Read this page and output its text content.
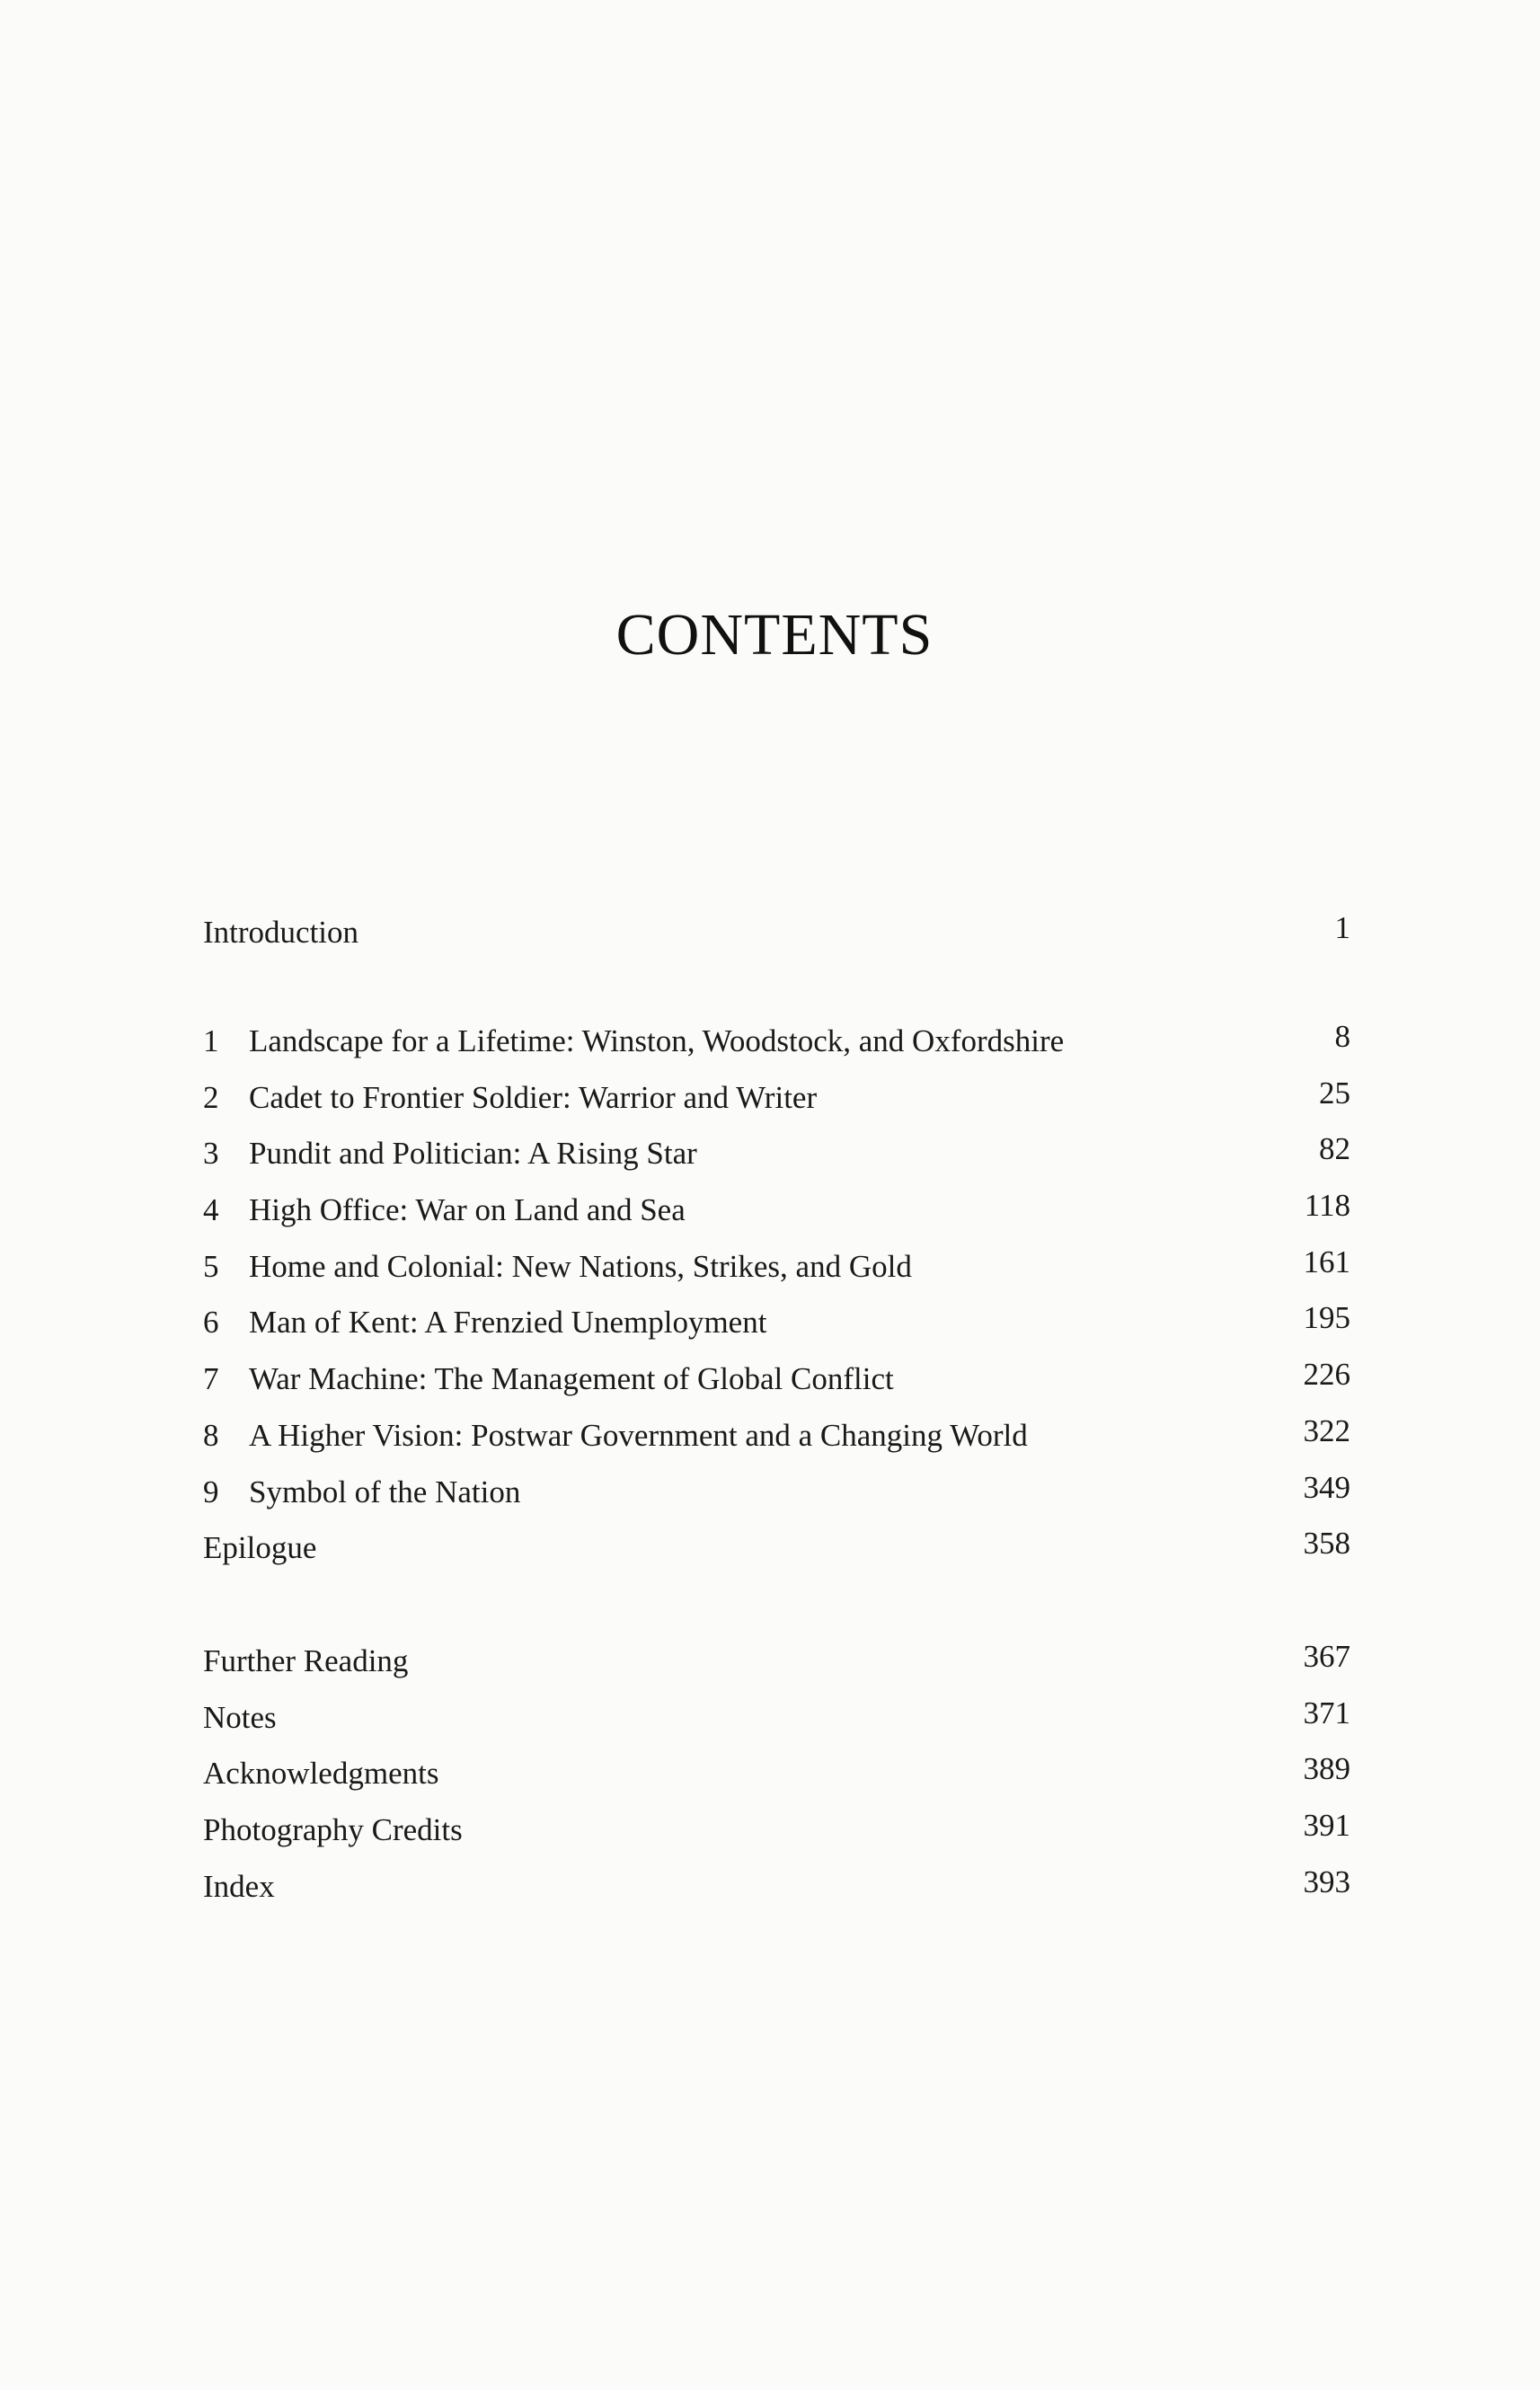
CONTENTS
Introduction	1
1 Landscape for a Lifetime: Winston, Woodstock, and Oxfordshire	8
2 Cadet to Frontier Soldier: Warrior and Writer	25
3 Pundit and Politician: A Rising Star	82
4 High Office: War on Land and Sea	118
5 Home and Colonial: New Nations, Strikes, and Gold	161
6 Man of Kent: A Frenzied Unemployment	195
7 War Machine: The Management of Global Conflict	226
8 A Higher Vision: Postwar Government and a Changing World	322
9 Symbol of the Nation	349
Epilogue	358
Further Reading	367
Notes	371
Acknowledgments	389
Photography Credits	391
Index	393
